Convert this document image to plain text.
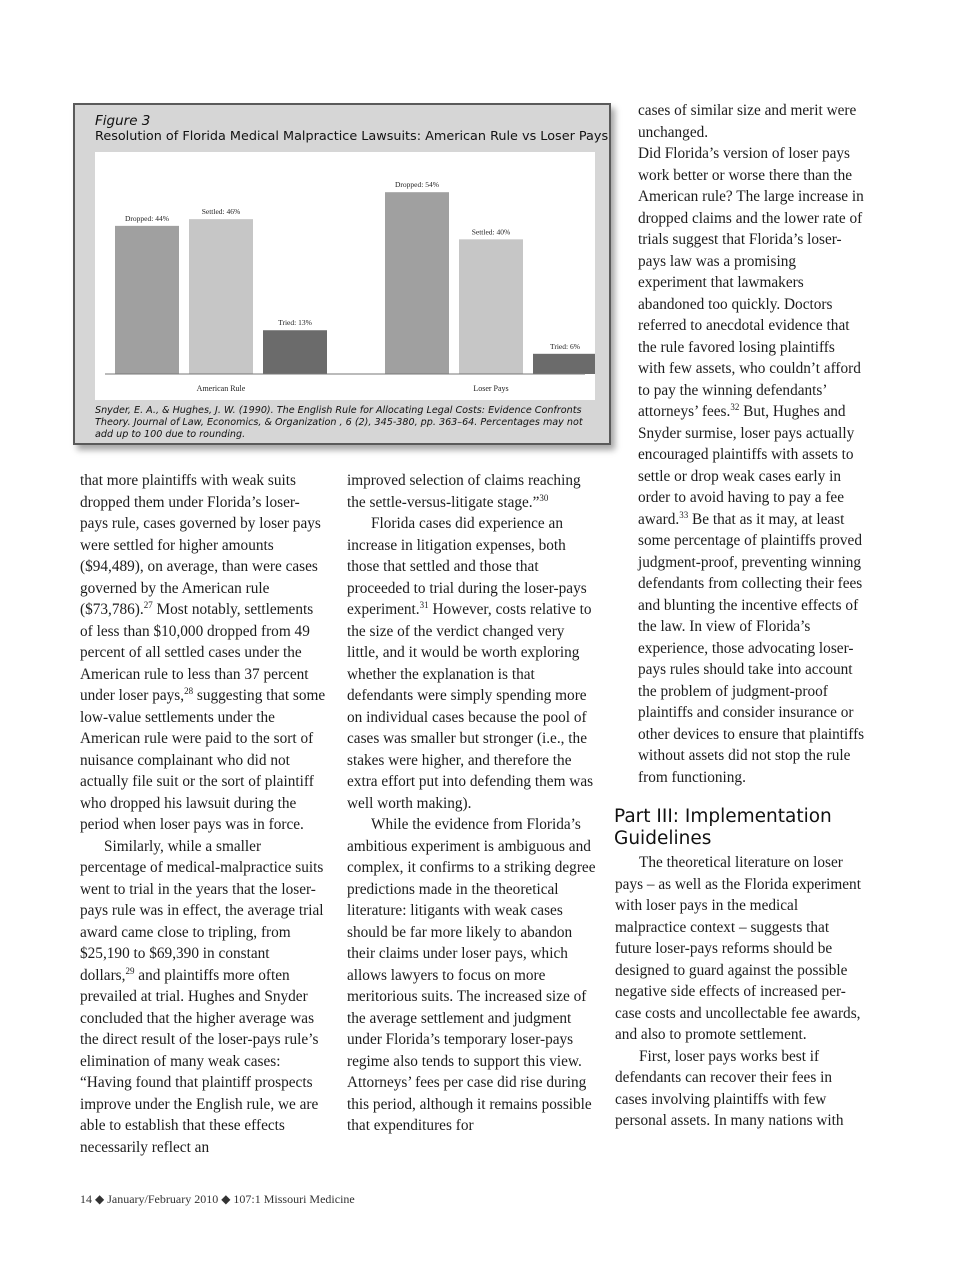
Figure 3
Resolution of Florida Medical Malpractice Lawsuits: American Rule vs Loser Pays
Dropped: 44%
Settled: 46%
Tried: 13%
American Rule
Dropped: 54%
Settled: 40%
Tried: 6%
Loser Pays
Snyder, E. A., & Hughes, J. W. (1990). The English Rule for Allocating Legal Costs: Evidence Confronts Theory. Journal of Law, Economics, & Organization , 6 (2), 345-380, pp. 363–64. Percentages may not add up to 100 due to rounding.

that more plaintiffs with weak suits dropped them under Florida’s loser-pays rule, cases governed by loser pays were settled for higher amounts ($94,489), on average, than were cases governed by the American rule ($73,786).$^{27}$ Most notably, settlements of less than $10,000 dropped from 49 percent of all settled cases under the American rule to less than 37 percent under loser pays,$^{28}$ suggesting that some low-value settlements under the American rule were paid to the sort of nuisance complainant who did not actually file suit or the sort of plaintiff who dropped his lawsuit during the period when loser pays was in force.

Similarly, while a smaller percentage of medical-malpractice suits went to trial in the years that the loser-pays rule was in effect, the average trial award came close to tripling, from $25,190 to $69,390 in constant dollars,$^{29}$ and plaintiffs more often prevailed at trial. Hughes and Snyder concluded that the higher average was the direct result of the loser-pays rule’s elimination of many weak cases: “Having found that plaintiff prospects improve under the English rule, we are able to establish that these effects necessarily reflect an

improved selection of claims reaching the settle-versus-litigate stage.”$^{30}$

Florida cases did experience an increase in litigation expenses, both those that settled and those that proceeded to trial during the loser-pays experiment.$^{31}$ However, costs relative to the size of the verdict changed very little, and it would be worth exploring whether the explanation is that defendants were simply spending more on individual cases because the pool of cases was smaller but stronger (i.e., the stakes were higher, and therefore the extra effort put into defending them was well worth making).

While the evidence from Florida’s ambitious experiment is ambiguous and complex, it confirms to a striking degree predictions made in the theoretical literature: litigants with weak cases should be far more likely to abandon their claims under loser pays, which allows lawyers to focus on more meritorious suits. The increased size of the average settlement and judgment under Florida’s temporary loser-pays regime also tends to support this view. Attorneys’ fees per case did rise during this period, although it remains possible that expenditures for

cases of similar size and merit were unchanged.

Did Florida’s version of loser pays work better or worse there than the American rule? The large increase in dropped claims and the lower rate of trials suggest that Florida’s loser-pays law was a promising experiment that lawmakers abandoned too quickly. Doctors referred to anecdotal evidence that the rule favored losing plaintiffs with few assets, who couldn’t afford to pay the winning defendants’ attorneys’ fees.$^{32}$ But, Hughes and Snyder surmise, loser pays actually encouraged plaintiffs with assets to settle or drop weak cases early in order to avoid having to pay a fee award.$^{33}$ Be that as it may, at least some percentage of plaintiffs proved judgment-proof, preventing winning defendants from collecting their fees and blunting the incentive effects of the law. In view of Florida’s experience, those advocating loser-pays rules should take into account the problem of judgment-proof plaintiffs and consider insurance or other devices to ensure that plaintiffs without assets did not stop the rule from functioning.

Part III: Implementation Guidelines

The theoretical literature on loser pays – as well as the Florida experiment with loser pays in the medical malpractice context – suggests that future loser-pays reforms should be designed to guard against the possible negative side effects of increased per-case costs and uncollectable fee awards, and also to promote settlement.

First, loser pays works best if defendants can recover their fees in cases involving plaintiffs with few personal assets. In many nations with

14 ◆ January/February 2010 ◆ 107:1 Missouri Medicine
